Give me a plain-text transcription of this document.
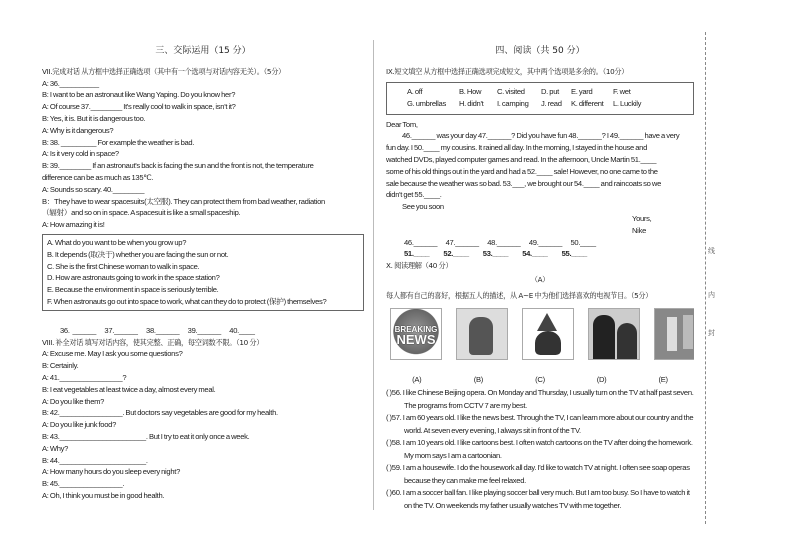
线
内
封
三、交际运用（15 分）
VII.完成对话 从方框中选择正确选项（其中有一个选项与对话内容无关）。（5分）
A: 36.__________
B: I want to be an astronaut like Wang Yaping. Do you know her?
A: Of course 37.________ It's really cool to walk in space, isn't it?
B: Yes, it is. But it is dangerous too.
A: Why is it dangerous?
B: 38. _________ For example the weather is bad.
A: Is it very cold in space?
B: 39.________ If an astronaut's back is facing the sun and the front is not, the temperature
difference can be as much as 135℃.
A: Sounds so scary. 40.________
B：They have to wear spacesuits(太空服). They can protect them from bad weather, radiation
（辐射）and so on in space. A spacesuit is like a small spaceship.
A: How amazing it is!
A. What do you want to be when you grow up?
B. It depends (取决于) whether you are facing the sun or not.
C. She is the first Chinese woman to walk in space.
D. How are astronauts going to work in the space station?
E. Because the environment in space is seriously terrible.
F. When astronauts go out into space to work, what can they do to protect (保护) themselves?
36. ______   37.______   38.______   39.______   40.____
VIII. 补全对话 填写对话内容，使其完整、正确，每空词数不限。（10 分）
A: Excuse me. May I ask you some questions?
B: Certainly.
A: 41.________________?
B: I eat vegetables at least twice a day, almost every meal.
A: Do you like them?
B: 42.________________. But doctors say vegetables are good for my health.
A: Do you like junk food?
B: 43.______________________. But I try to eat it only once a week.
A: Why?
B: 44.______________________.
A: How many hours do you sleep every night?
B: 45.________________.
A: Oh, I think you must be in good health.
四、阅读（共 50 分）
IX.短文填空 从方框中选择正确选项完成短文，其中两个选项是多余的。（10分）
A. off	B. How C. visited D. put E. yard	F. wet
G. umbrellas H. didn't I. camping J. read K. different L. Luckily
Dear Tom,
46.______ was your day 47.______? Did you have fun 48.______? I 49.______ have a very
fun day. I 50.____ my cousins. It rained all day. In the morning, I stayed in the house and
watched DVDs, played computer games and read. In the afternoon, Uncle Martin 51.____
some of his old things out in the yard and had a 52.____ sale! However, no one came to the
sale because the weather was so bad. 53.___, we brought our 54.____ and raincoats so we
didn't get 55.____.
See you soon
Yours,
Nike
46.______   47.______   48.______   49.______   50.____
51.____     52.____     53.____     54.____     55.____
X. 阅读理解（40 分）
（A）
每人都有自己的喜好，根据五人的描述，从 A~E 中为他们选择喜欢的电视节目。（5分）
BREAKING
NEWS
(A)	(B)	(C)	(D)	(E)
( )56. I like Chinese Beijing opera. On Monday and Thursday, I usually turn on the TV at half past seven. The programs from CCTV 7 are my best.
( )57. I am 60 years old. I like the news best. Through the TV, I can learn more about our country and the world. At seven every evening, I always sit in front of the TV.
( )58. I am 10 years old. I like cartoons best. I often watch cartoons on the TV after doing the homework. My mom says I am a cartoonian.
( )59. I am a housewife. I do the housework all day. I'd like to watch TV at night. I often see soap operas because they can make me feel relaxed.
( )60. I am a soccer ball fan. I like playing soccer ball very much. But I am too busy. So I have to watch it on the TV. On weekends my father usually watches TV with me together.
